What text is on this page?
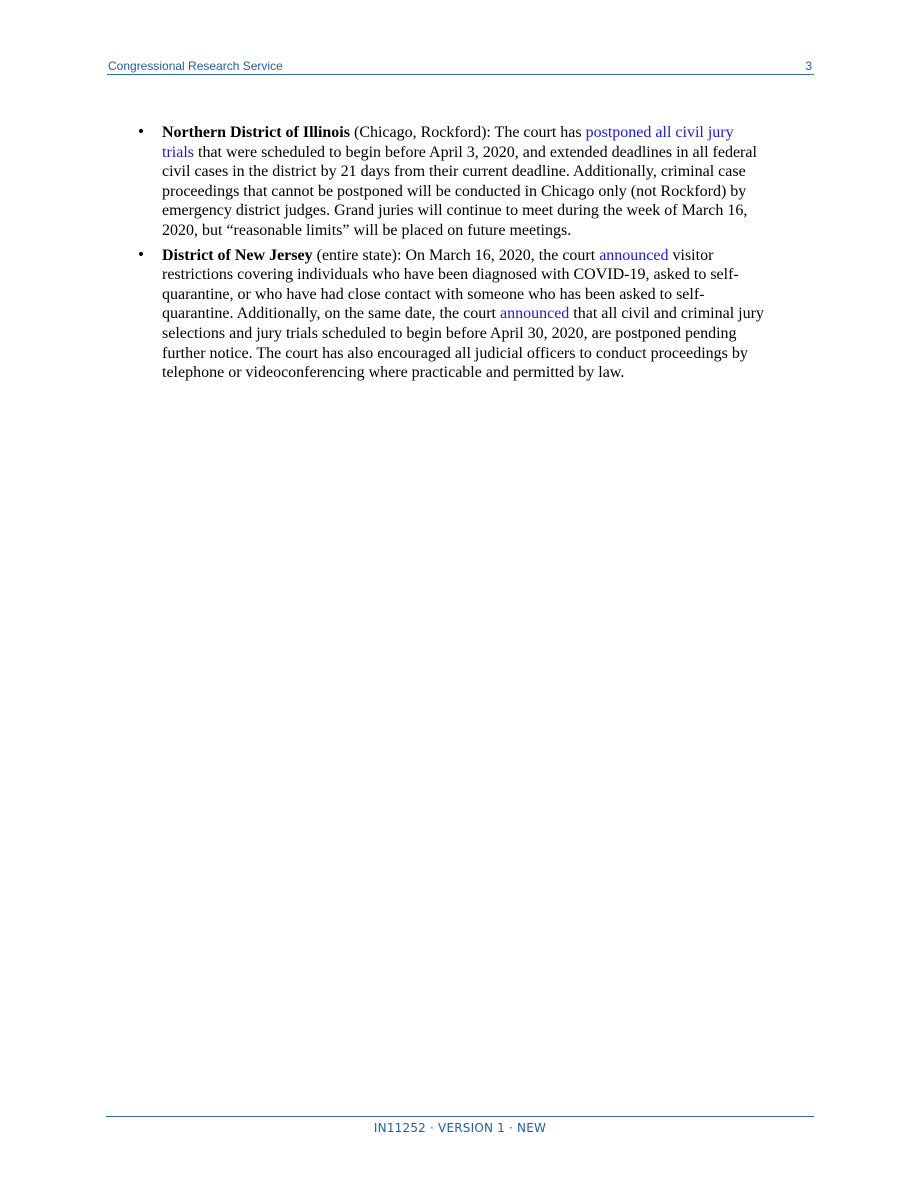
Congressional Research Service	3
• Northern District of Illinois (Chicago, Rockford): The court has postponed all civil jury trials that were scheduled to begin before April 3, 2020, and extended deadlines in all federal civil cases in the district by 21 days from their current deadline. Additionally, criminal case proceedings that cannot be postponed will be conducted in Chicago only (not Rockford) by emergency district judges. Grand juries will continue to meet during the week of March 16, 2020, but “reasonable limits” will be placed on future meetings.
• District of New Jersey (entire state): On March 16, 2020, the court announced visitor restrictions covering individuals who have been diagnosed with COVID-19, asked to self-quarantine, or who have had close contact with someone who has been asked to self-quarantine. Additionally, on the same date, the court announced that all civil and criminal jury selections and jury trials scheduled to begin before April 30, 2020, are postponed pending further notice. The court has also encouraged all judicial officers to conduct proceedings by telephone or videoconferencing where practicable and permitted by law.
IN11252 · VERSION 1 · NEW
